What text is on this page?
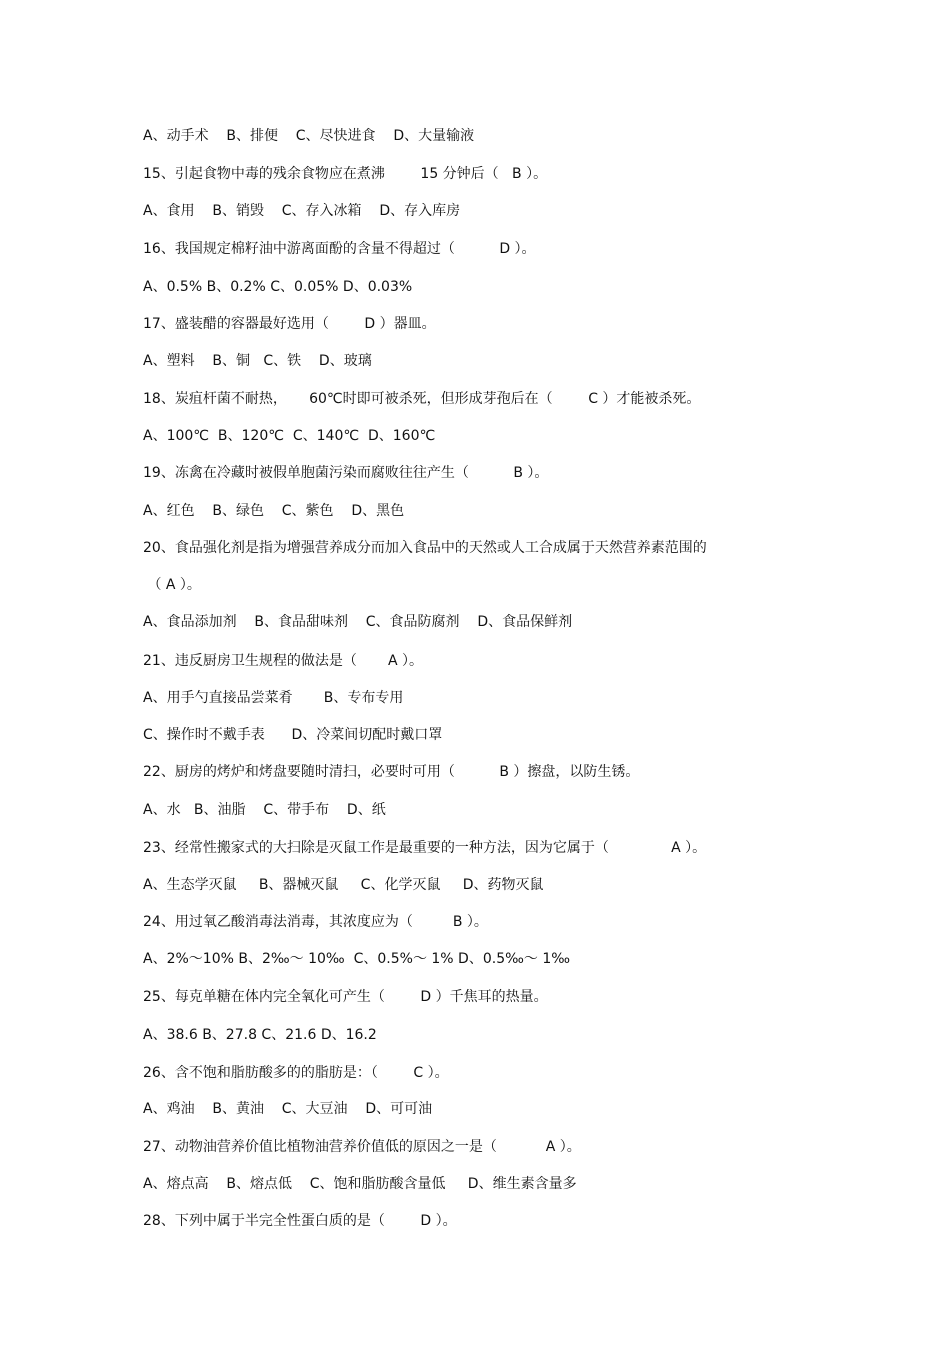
A、动手术    B、排便    C、尽快进食    D、大量输液
15、引起食物中毒的残余食物应在煮沸        15 分钟后（   B ）。
A、食用    B、销毁    C、存入冰箱    D、存入库房
16、我国规定棉籽油中游离面酚的含量不得超过（          D ）。
A、0.5% B、0.2% C、0.05% D、0.03%
17、盛装醋的容器最好选用（        D ）器皿。
A、塑料    B、铜   C、铁    D、玻璃
18、炭疽杆菌不耐热，     60℃时即可被杀死，但形成芽孢后在（        C ）才能被杀死。
A、100℃  B、120℃  C、140℃  D、160℃
19、冻禽在冷藏时被假单胞菌污染而腐败往往产生（          B ）。
A、红色    B、绿色    C、紫色    D、黑色
20、食品强化剂是指为增强营养成分而加入食品中的天然或人工合成属于天然营养素范围的
（ A ）。
A、食品添加剂    B、食品甜味剂    C、食品防腐剂    D、食品保鲜剂
21、违反厨房卫生规程的做法是（       A ）。
A、用手勺直接品尝菜肴       B、专布专用
C、操作时不戴手表      D、冷菜间切配时戴口罩
22、厨房的烤炉和烤盘要随时清扫，必要时可用（          B ）擦盘，以防生锈。
A、水   B、油脂    C、带手布    D、纸
23、经常性搬家式的大扫除是灭鼠工作是最重要的一种方法，因为它属于（              A ）。
A、生态学灭鼠     B、器械灭鼠     C、化学灭鼠     D、药物灭鼠
24、用过氧乙酸消毒法消毒，其浓度应为（         B ）。
A、2%～10% B、2‰～ 10‰  C、0.5%～ 1% D、0.5‰～ 1‰
25、每克单糖在体内完全氧化可产生（        D ）千焦耳的热量。
A、38.6 B、27.8 C、21.6 D、16.2
26、含不饱和脂肪酸多的的脂肪是：（        C ）。
A、鸡油    B、黄油    C、大豆油    D、可可油
27、动物油营养价值比植物油营养价值低的原因之一是（           A ）。
A、熔点高    B、熔点低    C、饱和脂肪酸含量低     D、维生素含量多
28、下列中属于半完全性蛋白质的是（        D ）。
